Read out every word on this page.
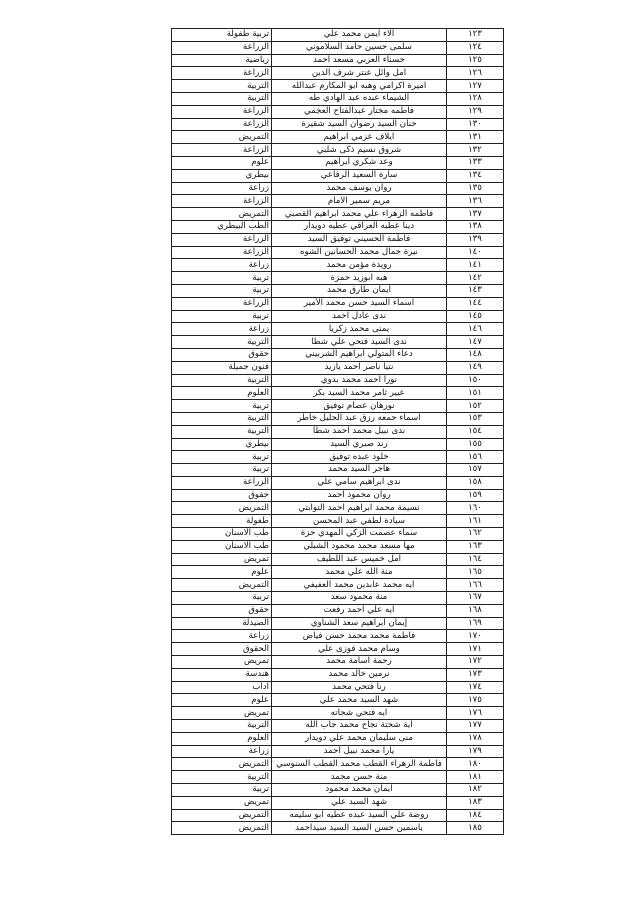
١٢٣	الاء ايمن محمد علي	تربية طفولة
١٢٤	سلمى حسين حامد السلاموني	الزراعة
١٢٥	حسناء العربي مسعد احمد	رياضية
١٢٦	امل وائل عنتر شرف الدين	الزراعة
١٢٧	اميرة اكرامي وهبه ابو المكارم عبدالله	التربية
١٢٨	الشيماء عبده عبد الهادي طه	التربية
١٢٩	فاطمه مختار عبدالفتاح العجمي	الزراعة
١٣٠	حنان السيد رضوان السيد شقيرة	الزراعة
١٣١	ايلاف عزمي ابراهيم	التمريض
١٣٢	شروق نسيم ذكى شلبي	الزراعة
١٣٣	وعد شكري ابراهيم	علوم
١٣٤	سارة السعيد الرفاعي	بيطري
١٣٥	روان يوسف محمد	زراعة
١٣٦	مريم سمير الامام	الزراعة
١٣٧	فاطمه الزهراء علي محمد ابراهيم القصبي	التمريض
١٣٨	دينا عطيه العراقي عطيه دويدار	الطب البيطري
١٣٩	فاطمة الحسيني توفيق السيد	الزراعة
١٤٠	نيرة جمال محمد الحسانين الشوه	الزراعة
١٤١	رويدة مؤمن محمد	زراعة
١٤٢	هبه ابوزيد حمزة	تربية
١٤٣	ايمان طارق محمد	تربية
١٤٤	اسماء السيد حسن محمد الأمير	الزراعة
١٤٥	ندى عادل احمد	تربية
١٤٦	يمنى محمد زكريا	زراعة
١٤٧	ندى السيد فتحي علي شطا	التربية
١٤٨	دعاء المتولي ابراهيم الشربيني	حقوق
١٤٩	نتيا ناصر احمد يازيد	فنون جميلة
١٥٠	نورا احمد محمد بدوي	التربية
١٥١	عبير ثامر محمد السيد بكر	العلوم
١٥٢	نورهان عصام توفيق	تربية
١٥٣	اسماء جمعه رزق عبد الجليل خاطر	التربية
١٥٤	ندى نبيل محمد احمد شطا	التربية
١٥٥	رند صبري السيد	بيطري
١٥٦	خلود عبده توفيق	تربية
١٥٧	هاجر السيد محمد	تربية
١٥٨	ندى ابراهيم سامي علي	الزراعة
١٥٩	روان محمود احمد	حقوق
١٦٠	نسيمة محمد ابراهيم احمد التوابتي	التمريض
١٦١	سيادة لطفي عبد المحسن	طفولة
١٦٢	سماء عصمت الزكي المهدي حزة	طب الاسنان
١٦٣	مها مسعد محمد محمود الشبلي	طب الاسنان
١٦٤	امل خميس عبد اللطيف	تمريض
١٦٥	منة الله علي محمد	علوم
١٦٦	ايه محمد عابدين محمد العفيفي	التمريض
١٦٧	منة محمود سعد	تربية
١٦٨	ايه علي احمد رفعت	حقوق
١٦٩	إيمان ابراهيم سعد الشناوي	الصيدلة
١٧٠	فاطمة محمد محمد حسن فياض	زراعة
١٧١	وسام محمد فوزى علي	الحقوق
١٧٢	رحمة اسامة محمد	تمريض
١٧٣	نرمين خالد محمد	هندسة
١٧٤	رنا فتحي محمد	اداب
١٧٥	شهد السيد محمد علي	علوم
١٧٦	ايه فتحي شحاته	تمريض
١٧٧	اية شحتة نجاح محمد جاب الله	التربية
١٧٨	منى سليمان محمد علي دويدار	العلوم
١٧٩	يارا محمد نبيل احمد	زراعة
١٨٠	فاطمة الزهراء القطب محمد القطب السنوسي	التمريض
١٨١	منة حسن محمد	التربية
١٨٢	ايمان محمد محمود	تربية
١٨٣	شهد السيد علي	تمريض
١٨٤	روضة علي السيد عبده عطيه ابو سليمه	التمريض
١٨٥	ياسمين حسن السيد السيد سيداحمد	التمريض
